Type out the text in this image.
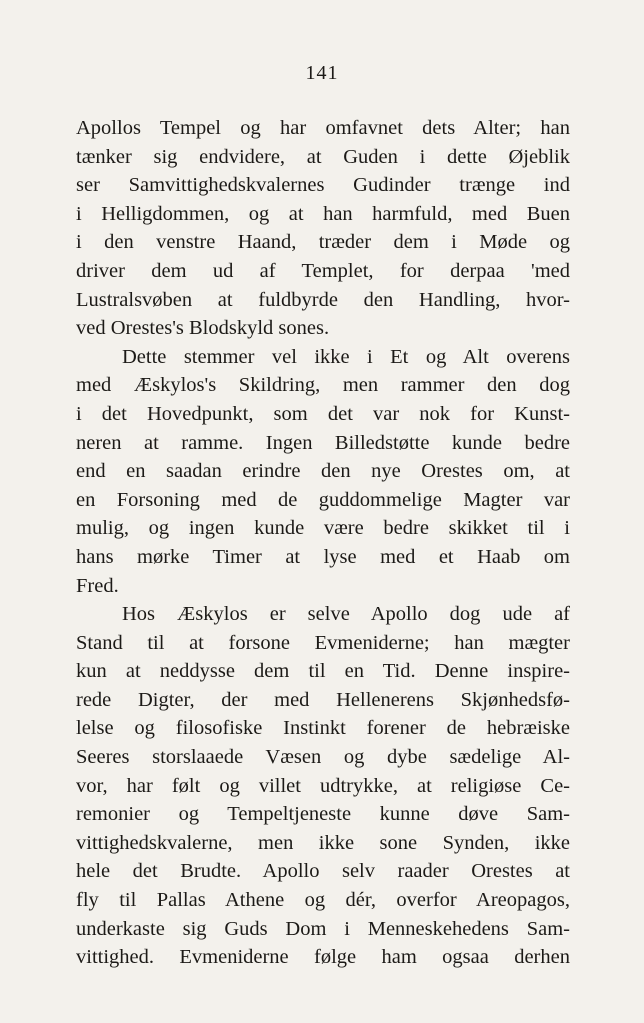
141
Apollos Tempel og har omfavnet dets Alter; han
tænker sig endvidere, at Guden i dette Øjeblik
ser Samvittighedskvalernes Gudinder trænge ind
i Helligdommen, og at han harmfuld, med Buen
i den venstre Haand, træder dem i Møde og
driver dem ud af Templet, for derpaa 'med
Lustralsvøben at fuldbyrde den Handling, hvor-
ved Orestes's Blodskyld sones.
Dette stemmer vel ikke i Et og Alt overens
med Æskylos's Skildring, men rammer den dog
i det Hovedpunkt, som det var nok for Kunst-
neren at ramme. Ingen Billedstøtte kunde bedre
end en saadan erindre den nye Orestes om, at
en Forsoning med de guddommelige Magter var
mulig, og ingen kunde være bedre skikket til i
hans mørke Timer at lyse med et Haab om
Fred.
Hos Æskylos er selve Apollo dog ude af
Stand til at forsone Evmeniderne; han mægter
kun at neddysse dem til en Tid. Denne inspire-
rede Digter, der med Hellenerens Skjønhedsfø-
lelse og filosofiske Instinkt forener de hebræiske
Seeres storslaaede Væsen og dybe sædelige Al-
vor, har følt og villet udtrykke, at religiøse Ce-
remonier og Tempeltjeneste kunne døve Sam-
vittighedskvalerne, men ikke sone Synden, ikke
hele det Brudte. Apollo selv raader Orestes at
fly til Pallas Athene og dér, overfor Areopagos,
underkaste sig Guds Dom i Menneskehedens Sam-
vittighed. Evmeniderne følge ham ogsaa derhen
